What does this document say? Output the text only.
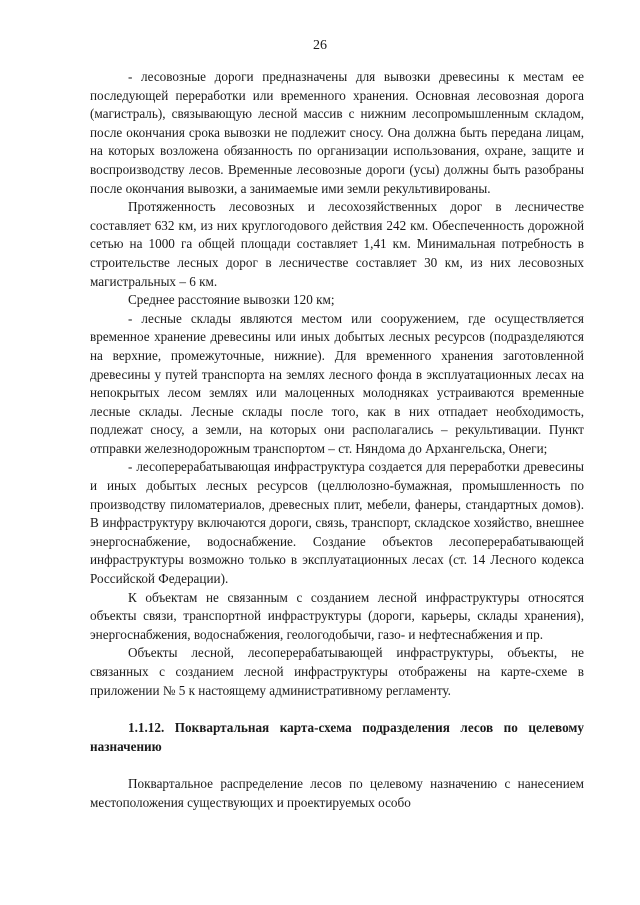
26

- лесовозные дороги предназначены для вывозки древесины к местам ее последующей переработки или временного хранения. Основная лесовозная дорога (магистраль), связывающую лесной массив с нижним лесопромышленным складом, после окончания срока вывозки не подлежит сносу. Она должна быть передана лицам, на которых возложена обязанность по организации использования, охране, защите и воспроизводству лесов. Временные лесовозные дороги (усы) должны быть разобраны после окончания вывозки, а занимаемые ими земли рекультивированы.

Протяженность лесовозных и лесохозяйственных дорог в лесничестве составляет 632 км, из них круглогодового действия 242 км. Обеспеченность дорожной сетью на 1000 га общей площади составляет 1,41 км. Минимальная потребность в строительстве лесных дорог в лесничестве составляет 30 км, из них лесовозных магистральных – 6 км.

Среднее расстояние вывозки 120 км;

- лесные склады являются местом или сооружением, где осуществляется временное хранение древесины или иных добытых лесных ресурсов (подразделяются на верхние, промежуточные, нижние). Для временного хранения заготовленной древесины у путей транспорта на землях лесного фонда в эксплуатационных лесах на непокрытых лесом землях или малоценных молодняках устраиваются временные лесные склады. Лесные склады после того, как в них отпадает необходимость, подлежат сносу, а земли, на которых они располагались – рекультивации. Пункт отправки железнодорожным транспортом – ст. Няндома до Архангельска, Онеги;

- лесоперерабатывающая инфраструктура создается для переработки древесины и иных добытых лесных ресурсов (целлюлозно-бумажная, промышленность по производству пиломатериалов, древесных плит, мебели, фанеры, стандартных домов). В инфраструктуру включаются дороги, связь, транспорт, складское хозяйство, внешнее энергоснабжение, водоснабжение. Создание объектов лесоперерабатывающей инфраструктуры возможно только в эксплуатационных лесах (ст. 14 Лесного кодекса Российской Федерации).

К объектам не связанным с созданием лесной инфраструктуры относятся объекты связи, транспортной инфраструктуры (дороги, карьеры, склады хранения), энергоснабжения, водоснабжения, геологодобычи, газо- и нефтеснабжения и пр.

Объекты лесной, лесоперерабатывающей инфраструктуры, объекты, не связанных с созданием лесной инфраструктуры отображены на карте-схеме в приложении № 5 к настоящему административному регламенту.

1.1.12. Поквартальная карта-схема подразделения лесов по целевому назначению

Поквартальное распределение лесов по целевому назначению с нанесением местоположения существующих и проектируемых особо
